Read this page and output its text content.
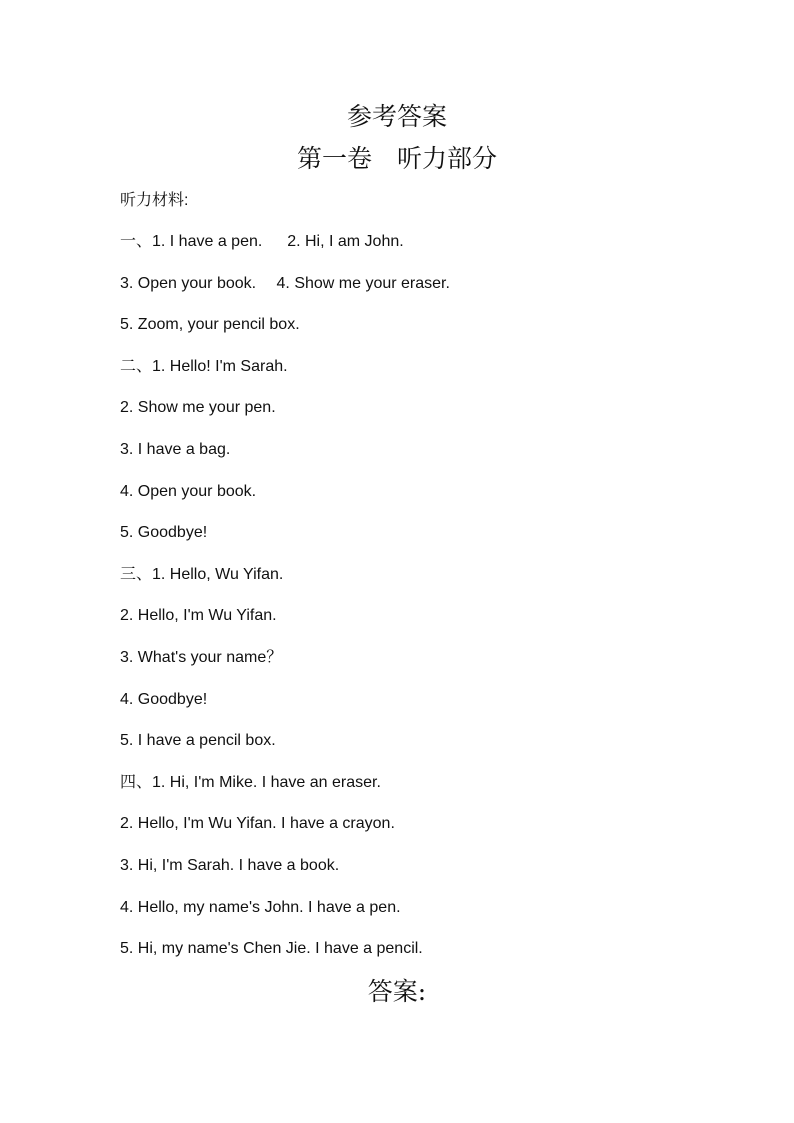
参考答案
第一卷　听力部分
听力材料:
一、1. I have a pen.　  2. Hi, I am John.
3. Open your book.　 4. Show me your eraser.
5. Zoom, your pencil box.
二、1. Hello! I'm Sarah.
2. Show me your pen.
3. I have a bag.
4. Open your book.
5. Goodbye!
三、1. Hello, Wu Yifan.
2. Hello, I'm Wu Yifan.
3. What's your name？
4. Goodbye!
5. I have a pencil box.
四、1. Hi, I'm Mike. I have an eraser.
2. Hello, I'm Wu Yifan. I have a crayon.
3. Hi, I'm Sarah. I have a book.
4. Hello, my name's John. I have a pen.
5. Hi, my name's Chen Jie. I have a pencil.
答案:
